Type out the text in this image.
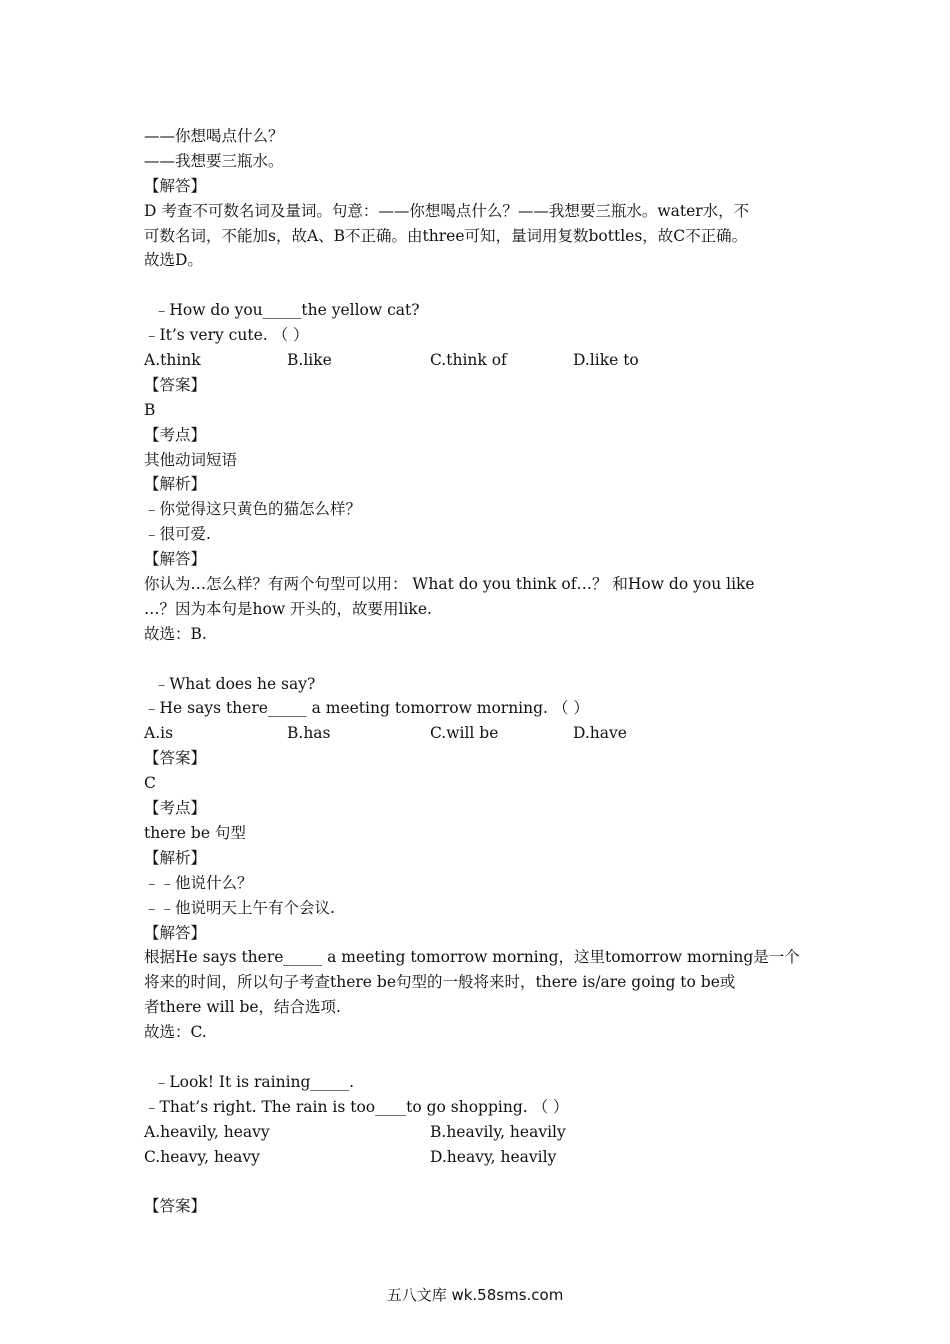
——你想喝点什么？
——我想要三瓶水。
【解答】
D 考查不可数名词及量词。句意：——你想喝点什么？——我想要三瓶水。water水，不
可数名词，不能加s，故A、B不正确。由three可知，量词用复数bottles，故C不正确。
故选D。
﹣How do you_____the yellow cat?
﹣It’s very cute. （ ）
A.think	B.like	C.think of	D.like to
【答案】
B
【考点】
其他动词短语
【解析】
﹣你觉得这只黄色的猫怎么样？
﹣很可爱.
【解答】
你认为…怎么样？有两个句型可以用： What do you think of…？ 和How do you like
…？因为本句是how 开头的，故要用like.
故选：B.
﹣What does he say?
﹣He says there_____ a meeting tomorrow morning. （ ）
A.is	B.has	C.will be	D.have
【答案】
C
【考点】
there be 句型
【解析】
﹣﹣他说什么？
﹣﹣他说明天上午有个会议.
【解答】
根据He says there_____ a meeting tomorrow morning，这里tomorrow morning是一个
将来的时间，所以句子考查there be句型的一般将来时，there is/are going to be或
者there will be，结合选项.
故选：C.
﹣Look! It is raining_____.
﹣That’s right. The rain is too____to go shopping. （ ）
A.heavily, heavy	B.heavily, heavily
C.heavy, heavy	D.heavy, heavily
【答案】
五八文库 wk.58sms.com
